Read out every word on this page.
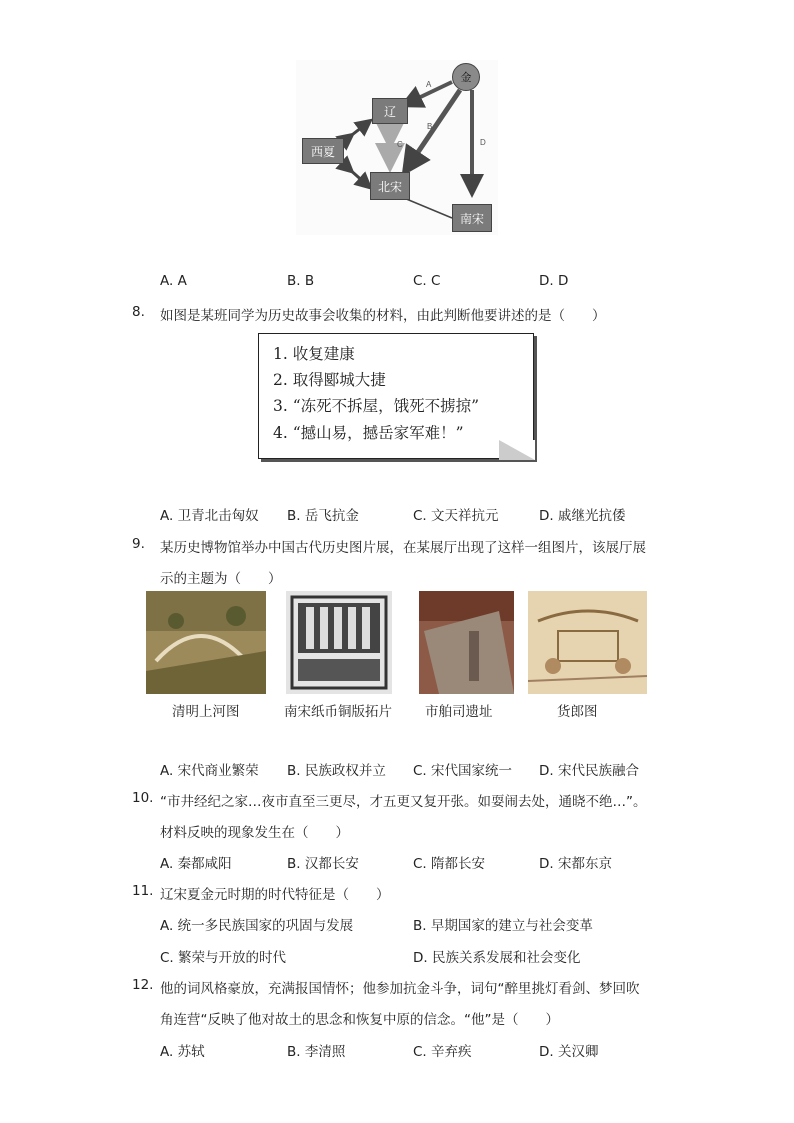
金
辽
西夏
北宋
南宋
A
B
C	D
A. A	B. B	C. C	D. D
8. 如图是某班同学为历史故事会收集的材料，由此判断他要讲述的是（　　）
1. 收复建康
2. 取得郾城大捷
3. “冻死不拆屋，饿死不掳掠”
4. “撼山易，撼岳家军难！”
A. 卫青北击匈奴 B. 岳飞抗金	C. 文天祥抗元	D. 戚继光抗倭
9. 某历史博物馆举办中国古代历史图片展，在某展厅出现了这样一组图片，该展厅展
示的主题为（　　）
清明上河图	南宋纸币铜版拓片 市舶司遗址	货郎图
A. 宋代商业繁荣 B. 民族政权并立 C. 宋代国家统一 D. 宋代民族融合
10. “市井经纪之家…夜市直至三更尽，才五更又复开张。如耍闹去处，通晓不绝…”。
材料反映的现象发生在（　　）
A. 秦都咸阳	B. 汉都长安	C. 隋都长安	D. 宋都东京
11. 辽宋夏金元时期的时代特征是（　　）
A. 统一多民族国家的巩固与发展	B. 早期国家的建立与社会变革
C. 繁荣与开放的时代	D. 民族关系发展和社会变化
12. 他的词风格豪放，充满报国情怀；他参加抗金斗争，词句“醉里挑灯看剑、梦回吹
角连营“反映了他对故土的思念和恢复中原的信念。“他”是（　　）
A. 苏轼	B. 李清照	C. 辛弃疾	D. 关汉卿
